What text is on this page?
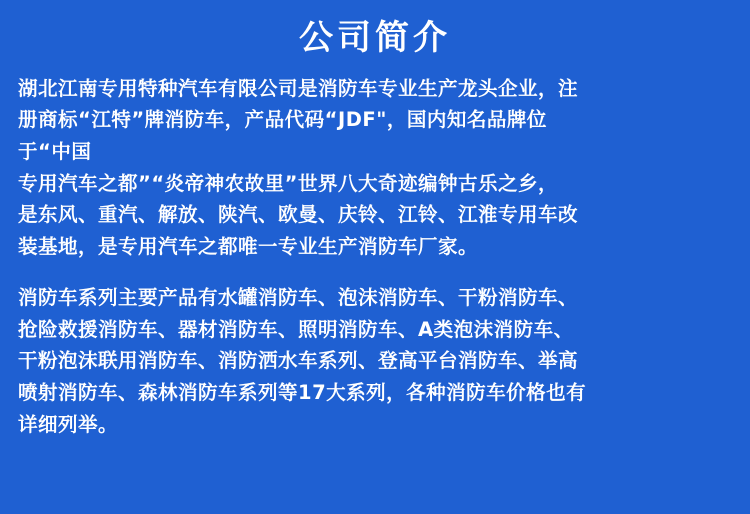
公司简介

湖北江南专用特种汽车有限公司是消防车专业生产龙头企业，注
册商标“江特”牌消防车，产品代码“JDF"，国内知名品牌位
于“中国
专用汽车之都”“炎帝神农故里”世界八大奇迹编钟古乐之乡，
是东风、重汽、解放、陕汽、欧曼、庆铃、江铃、江淮专用车改
装基地，是专用汽车之都唯一专业生产消防车厂家。

消防车系列主要产品有水罐消防车、泡沫消防车、干粉消防车、
抢险救援消防车、器材消防车、照明消防车、A类泡沫消防车、
干粉泡沫联用消防车、消防洒水车系列、登高平台消防车、举高
喷射消防车、森林消防车系列等17大系列，各种消防车价格也有
详细列举。
